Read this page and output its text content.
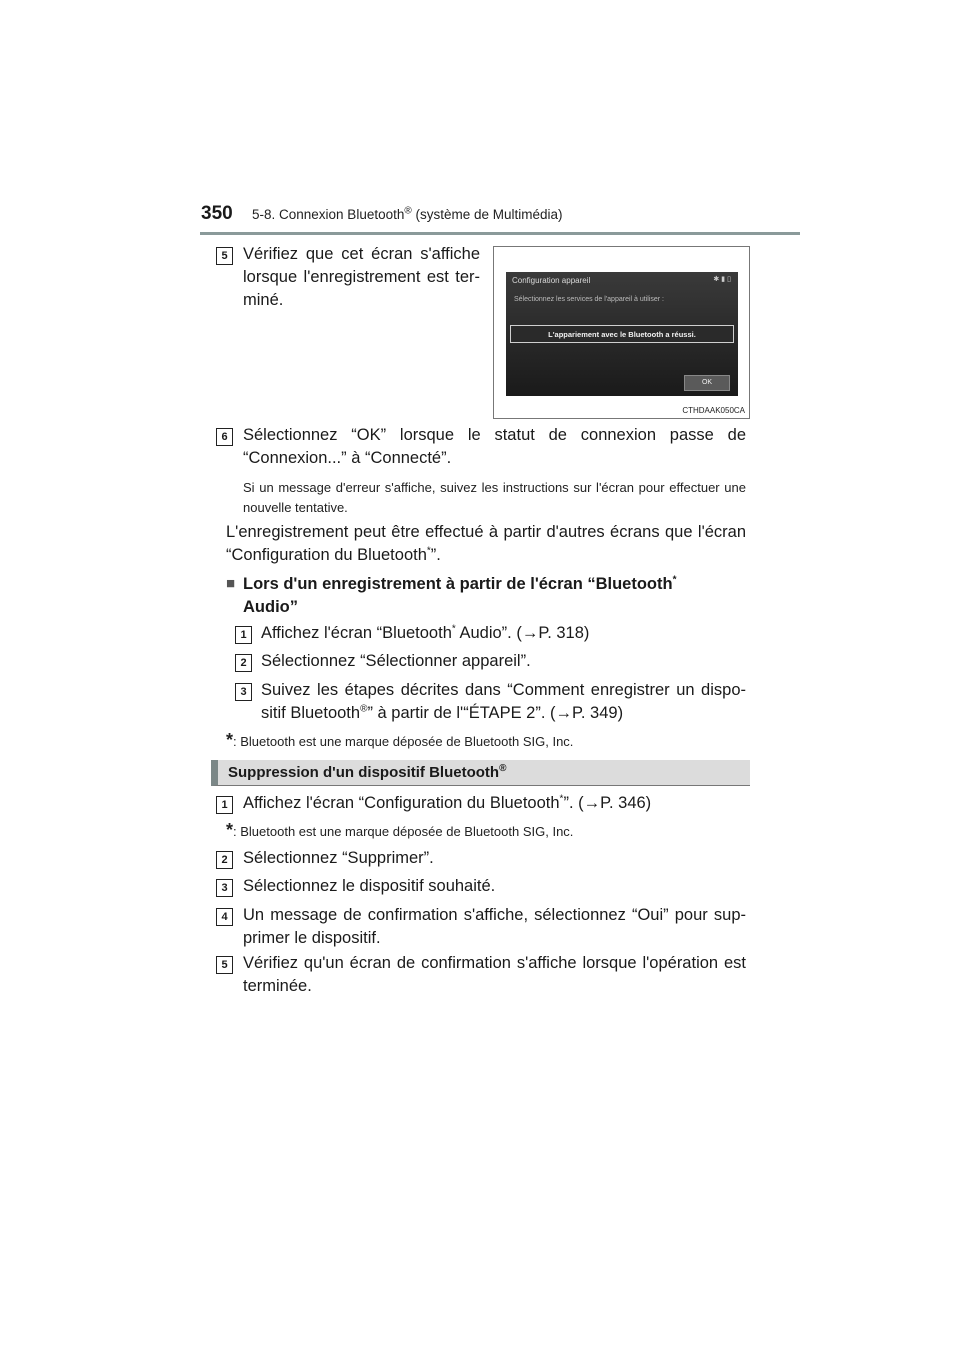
350 5-8. Connexion Bluetooth® (système de Multimédia)
5 Vérifiez que cet écran s'affiche lorsque l'enregistrement est ter-miné.
Configuration appareil	✱▮▯
Sélectionnez les services de l'appareil à utiliser :
L'appariement avec le Bluetooth a réussi.
OK
CTHDAAK050CA
6 Sélectionnez “OK” lorsque le statut de connexion passe de “Connexion...” à “Connecté”.
Si un message d'erreur s'affiche, suivez les instructions sur l'écran pour effectuer une nouvelle tentative.
L'enregistrement peut être effectué à partir d'autres écrans que l'écran “Configuration du Bluetooth*”.
■ Lors d'un enregistrement à partir de l'écran “Bluetooth*
Audio”
1 Affichez l'écran “Bluetooth* Audio”. (→P. 318)
2 Sélectionnez “Sélectionner appareil”.
3 Suivez les étapes décrites dans “Comment enregistrer un dispo-sitif Bluetooth®” à partir de l'“ÉTAPE 2”. (→P. 349)
*: Bluetooth est une marque déposée de Bluetooth SIG, Inc.
Suppression d'un dispositif Bluetooth®
1 Affichez l'écran “Configuration du Bluetooth*”. (→P. 346)
*: Bluetooth est une marque déposée de Bluetooth SIG, Inc.
2 Sélectionnez “Supprimer”.
3 Sélectionnez le dispositif souhaité.
4 Un message de confirmation s'affiche, sélectionnez “Oui” pour sup-primer le dispositif.
5 Vérifiez qu'un écran de confirmation s'affiche lorsque l'opération est terminée.
